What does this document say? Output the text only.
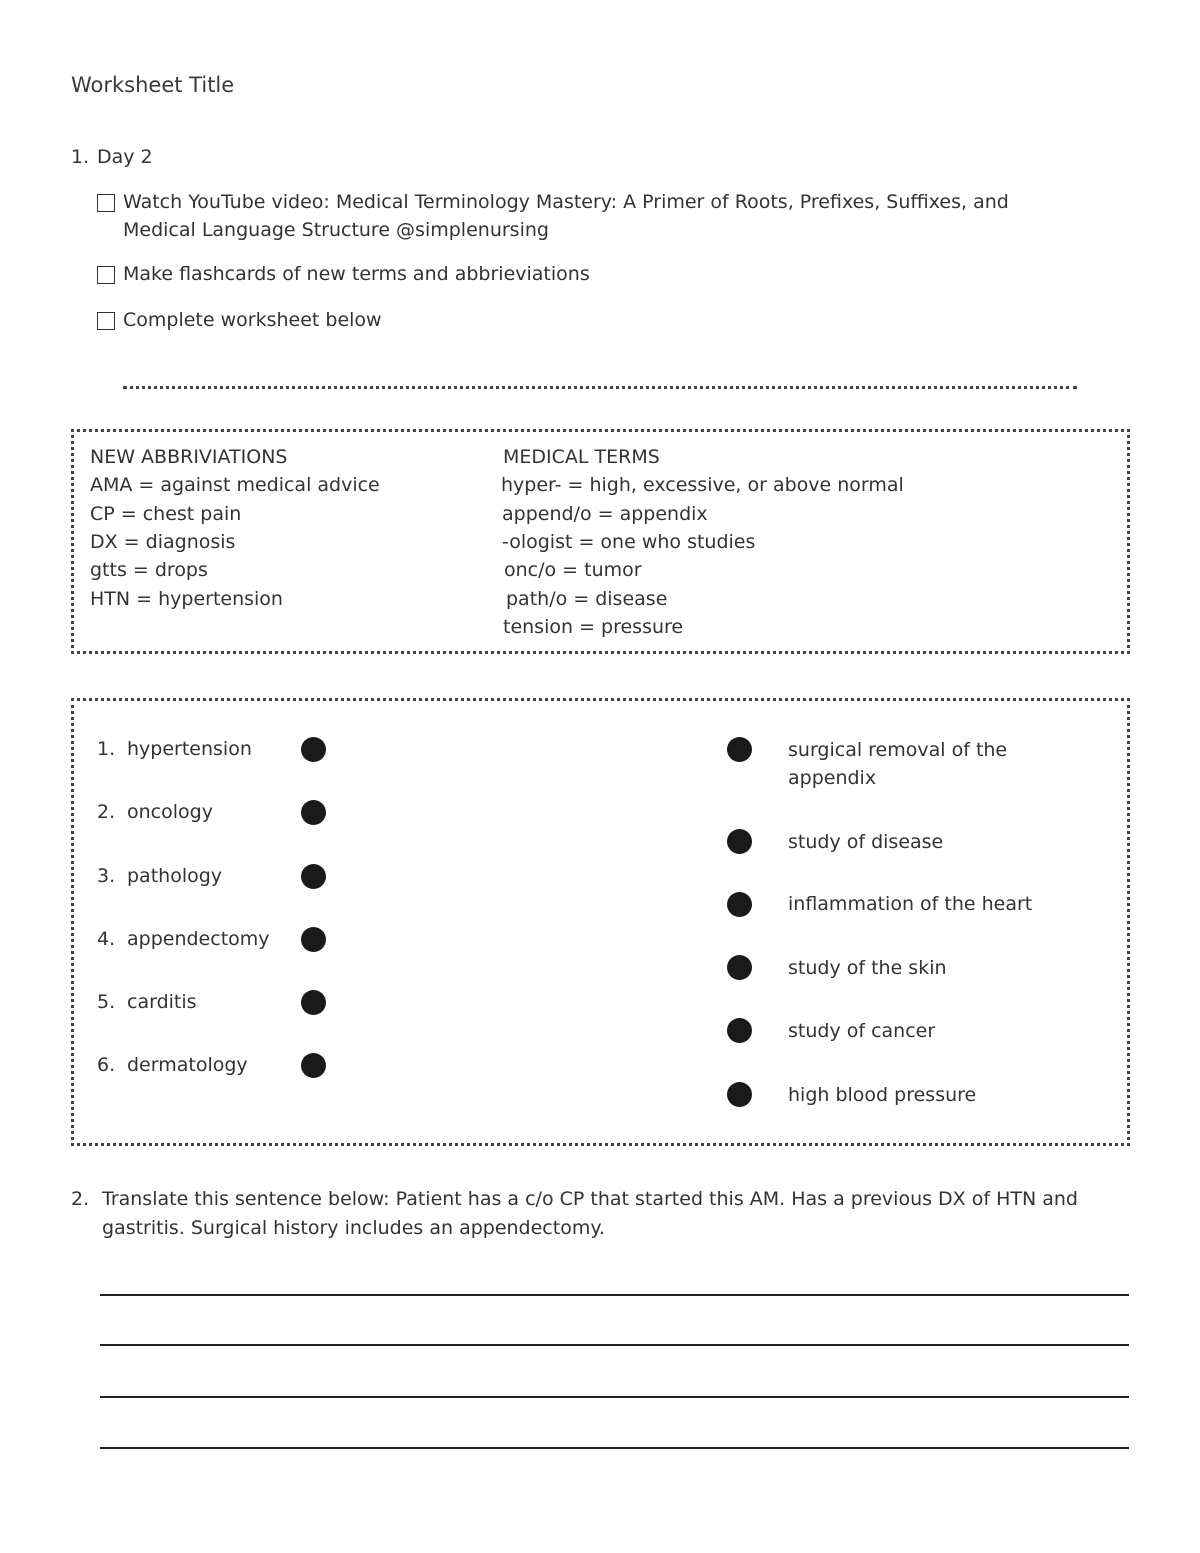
Worksheet Title
1. Day 2
Watch YouTube video: Medical Terminology Mastery: A Primer of Roots, Prefixes, Suffixes, and Medical Language Structure @simplenursing
Make flashcards of new terms and abbrieviations
Complete worksheet below
NEW ABBRIVIATIONS
AMA = against medical advice
CP = chest pain
DX = diagnosis
gtts = drops
HTN = hypertension
MEDICAL TERMS
hyper- = high, excessive, or above normal
append/o = appendix
-ologist = one who studies
onc/o = tumor
path/o = disease
tension = pressure
1. hypertension
2. oncology
3. pathology
4. appendectomy
5. carditis
6. dermatology
surgical removal of the appendix
study of disease
inflammation of the heart
study of the skin
study of cancer
high blood pressure
2. Translate this sentence below: Patient has a c/o CP that started this AM. Has a previous DX of HTN and gastritis. Surgical history includes an appendectomy.
